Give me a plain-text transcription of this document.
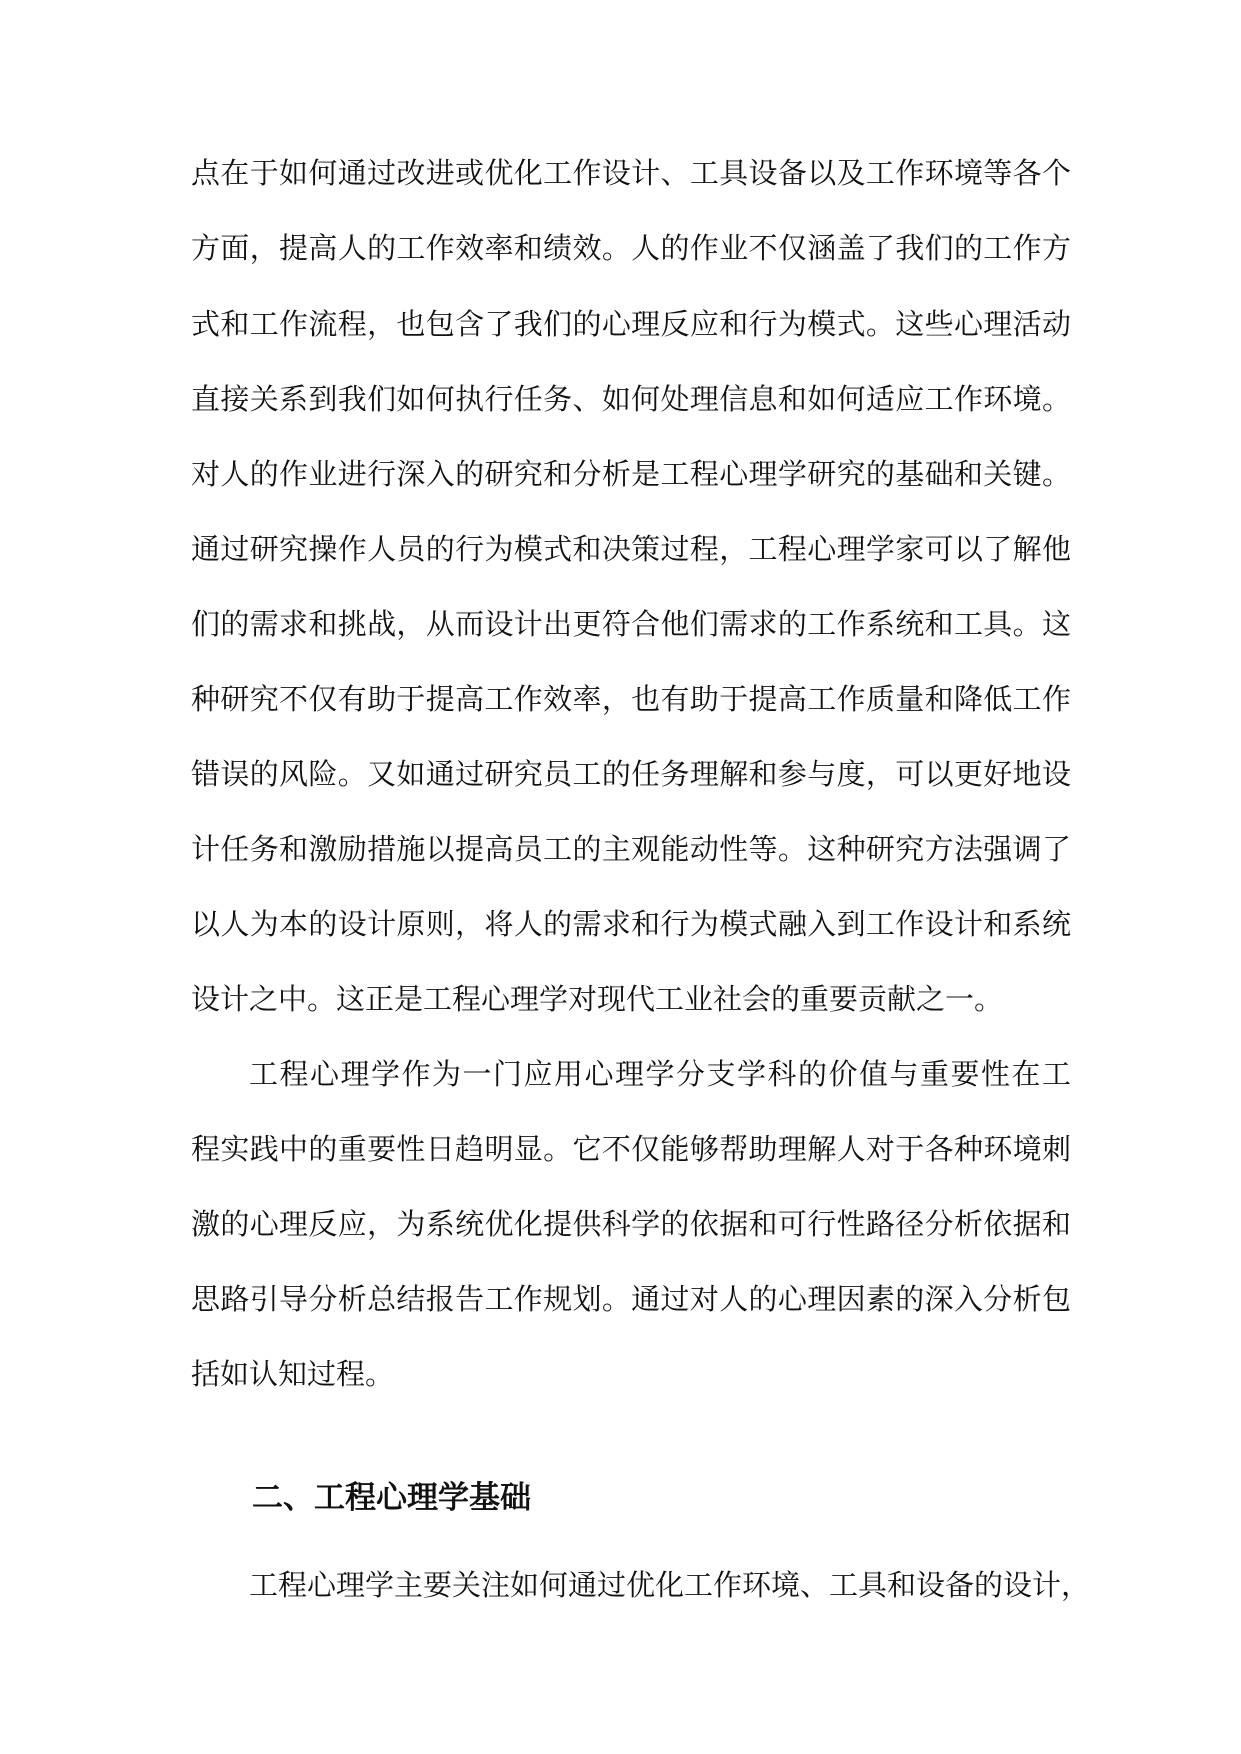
点在于如何通过改进或优化工作设计、工具设备以及工作环境等各个
方面，提高人的工作效率和绩效。人的作业不仅涵盖了我们的工作方
式和工作流程，也包含了我们的心理反应和行为模式。这些心理活动
直接关系到我们如何执行任务、如何处理信息和如何适应工作环境。
对人的作业进行深入的研究和分析是工程心理学研究的基础和关键。
通过研究操作人员的行为模式和决策过程，工程心理学家可以了解他
们的需求和挑战，从而设计出更符合他们需求的工作系统和工具。这
种研究不仅有助于提高工作效率，也有助于提高工作质量和降低工作
错误的风险。又如通过研究员工的任务理解和参与度，可以更好地设
计任务和激励措施以提高员工的主观能动性等。这种研究方法强调了
以人为本的设计原则，将人的需求和行为模式融入到工作设计和系统
设计之中。这正是工程心理学对现代工业社会的重要贡献之一。
工程心理学作为一门应用心理学分支学科的价值与重要性在工
程实践中的重要性日趋明显。它不仅能够帮助理解人对于各种环境刺
激的心理反应，为系统优化提供科学的依据和可行性路径分析依据和
思路引导分析总结报告工作规划。通过对人的心理因素的深入分析包
括如认知过程。
二、工程心理学基础
工程心理学主要关注如何通过优化工作环境、工具和设备的设计，
